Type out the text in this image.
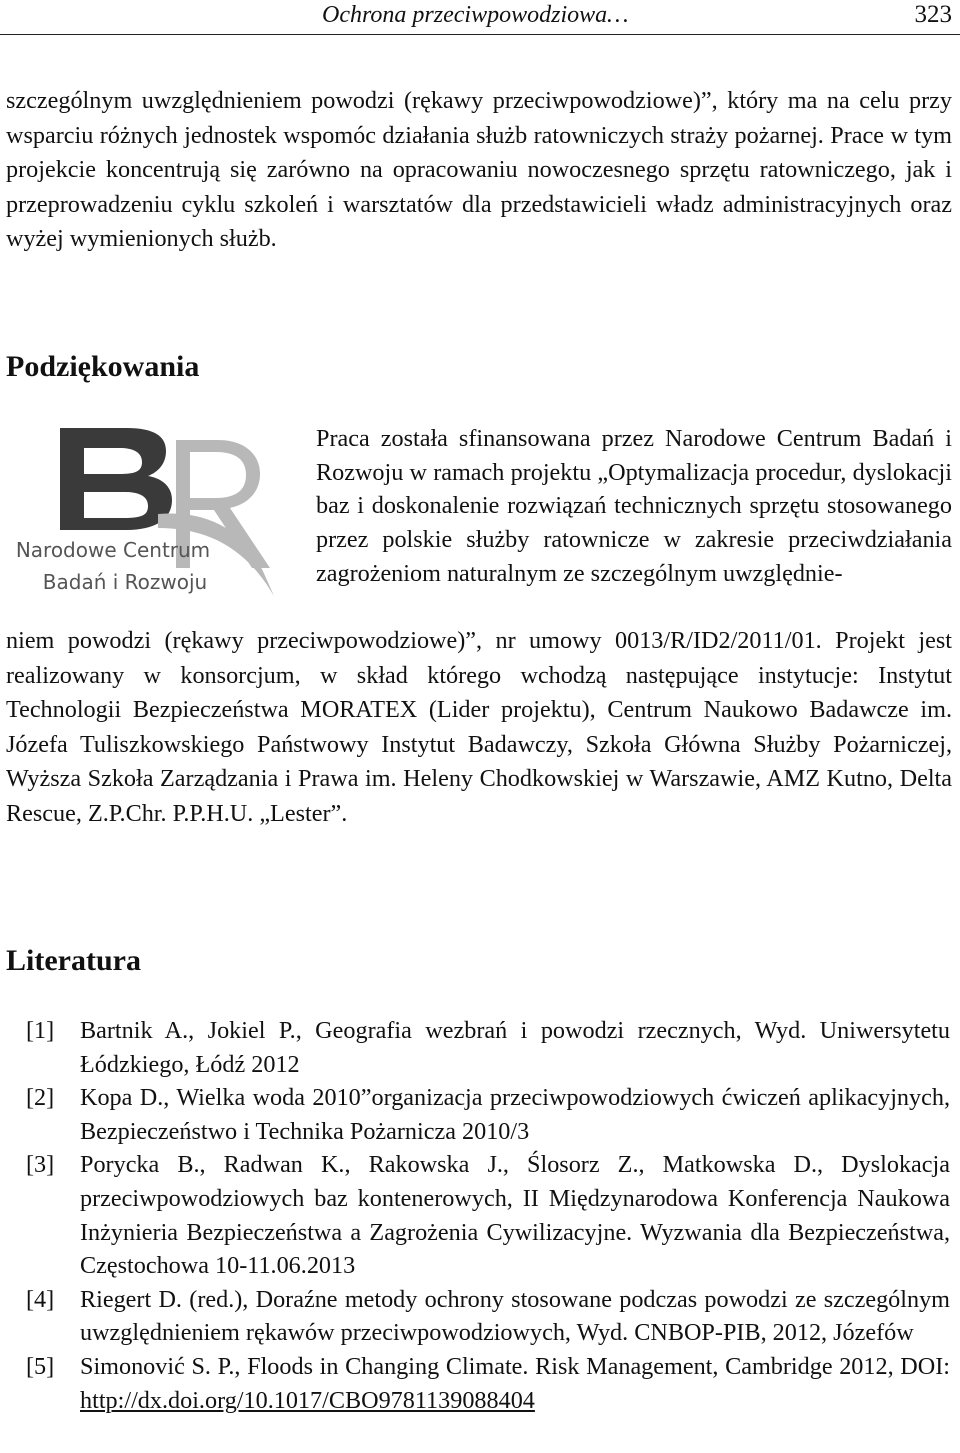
Ochrona przeciwpowodziowa…	323

szczególnym uwzględnieniem powodzi (rękawy przeciwpowodziowe)”, który ma na celu przy wsparciu różnych jednostek wspomóc działania służb ratowniczych straży pożarnej. Prace w tym projekcie koncentrują się zarówno na opracowaniu nowoczesnego sprzętu ratowniczego, jak i przeprowadzeniu cyklu szkoleń i warsztatów dla przedstawicieli władz administracyjnych oraz wyżej wymienionych służb.

Podziękowania
Narodowe Centrum
Badań i Rozwoju

Praca została sfinansowana przez Narodowe Centrum Badań i Rozwoju w ramach projektu „Optymalizacja procedur, dyslokacji baz i doskonalenie rozwiązań technicznych sprzętu stosowanego przez polskie służby ratownicze w zakresie przeciwdziałania zagrożeniom naturalnym ze szczególnym uwzględnie-

niem powodzi (rękawy przeciwpowodziowe)”, nr umowy 0013/R/ID2/2011/01. Projekt jest realizowany w konsorcjum, w skład którego wchodzą następujące instytucje: Instytut Technologii Bezpieczeństwa MORATEX (Lider projektu), Centrum Naukowo Badawcze im. Józefa Tuliszkowskiego Państwowy Instytut Badawczy, Szkoła Główna Służby Pożarniczej, Wyższa Szkoła Zarządzania i Prawa im. Heleny Chodkowskiej w Warszawie, AMZ Kutno, Delta Rescue, Z.P.Chr. P.P.H.U. „Lester”.

Literatura
[1] Bartnik A., Jokiel P., Geografia wezbrań i powodzi rzecznych, Wyd. Uniwersytetu Łódzkiego, Łódź 2012
[2] Kopa D., Wielka woda 2010”organizacja przeciwpowodziowych ćwiczeń aplikacyjnych, Bezpieczeństwo i Technika Pożarnicza 2010/3
[3] Porycka B., Radwan K., Rakowska J., Ślosorz Z., Matkowska D., Dyslokacja przeciwpowodziowych baz kontenerowych, II Międzynarodowa Konferencja Naukowa Inżynieria Bezpieczeństwa a Zagrożenia Cywilizacyjne. Wyzwania dla Bezpieczeństwa, Częstochowa 10-11.06.2013
[4] Riegert D. (red.), Doraźne metody ochrony stosowane podczas powodzi ze szczególnym uwzględnieniem rękawów przeciwpowodziowych, Wyd. CNBOP-PIB, 2012, Józefów
[5] Simonović S. P., Floods in Changing Climate. Risk Management, Cambridge 2012, DOI: http://dx.doi.org/10.1017/CBO9781139088404
